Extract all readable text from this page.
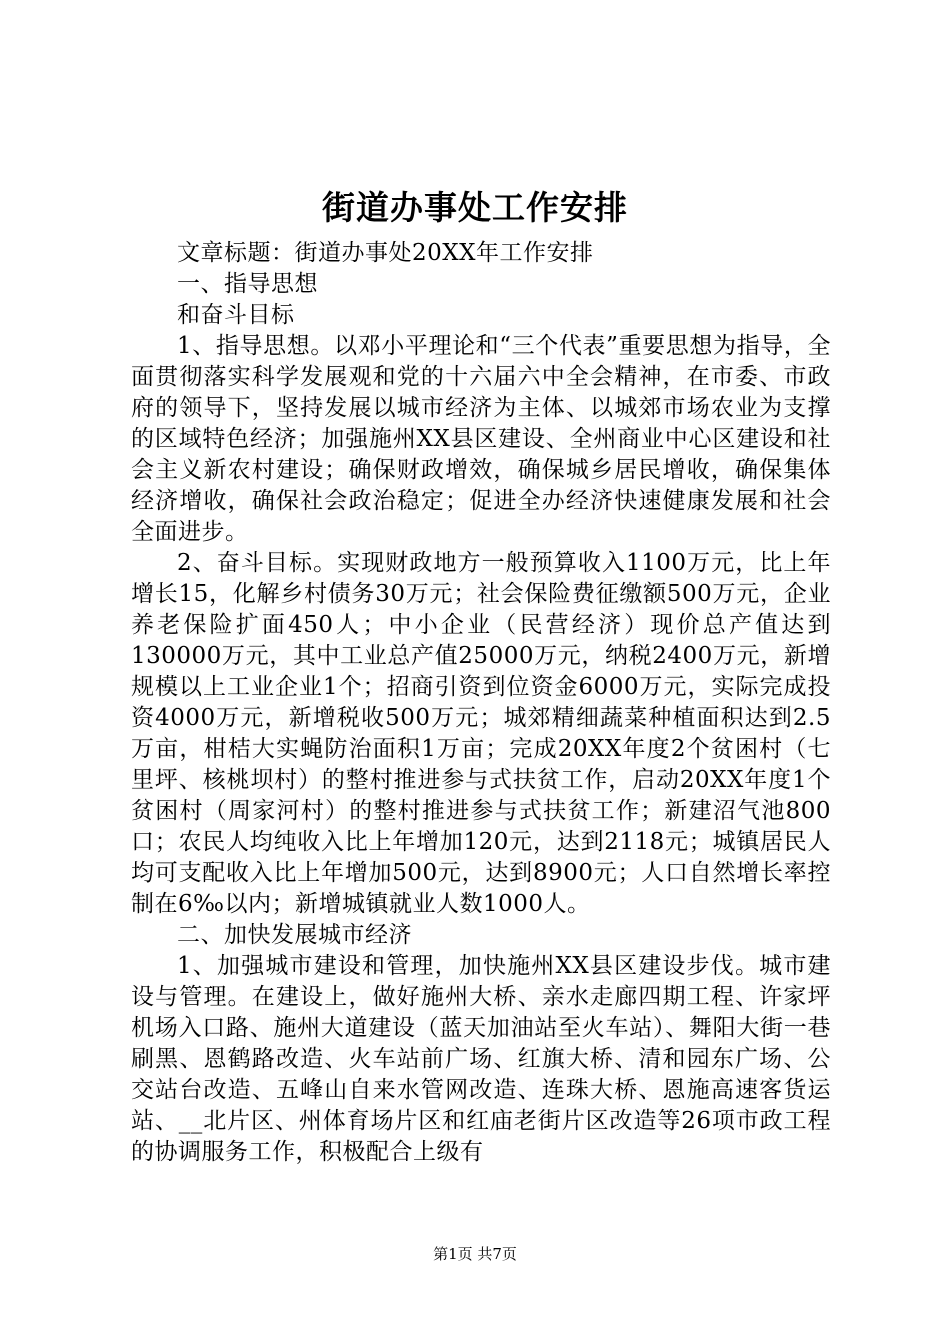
街道办事处工作安排

文章标题：街道办事处20XX年工作安排

一、指导思想

和奋斗目标

1、指导思想。以邓小平理论和“三个代表”重要思想为指导，全面贯彻落实科学发展观和党的十六届六中全会精神，在市委、市政府的领导下，坚持发展以城市经济为主体、以城郊市场农业为支撑的区域特色经济；加强施州XX县区建设、全州商业中心区建设和社会主义新农村建设；确保财政增效，确保城乡居民增收，确保集体经济增收，确保社会政治稳定；促进全办经济快速健康发展和社会全面进步。

2、奋斗目标。实现财政地方一般预算收入1100万元，比上年增长15，化解乡村债务30万元；社会保险费征缴额500万元，企业养老保险扩面450人；中小企业（民营经济）现价总产值达到130000万元，其中工业总产值25000万元，纳税2400万元，新增规模以上工业企业1个；招商引资到位资金6000万元，实际完成投资4000万元，新增税收500万元；城郊精细蔬菜种植面积达到2.5万亩，柑桔大实蝇防治面积1万亩；完成20XX年度2个贫困村（七里坪、核桃坝村）的整村推进参与式扶贫工作，启动20XX年度1个贫困村（周家河村）的整村推进参与式扶贫工作；新建沼气池800口；农民人均纯收入比上年增加120元，达到2118元；城镇居民人均可支配收入比上年增加500元，达到8900元；人口自然增长率控制在6‰以内；新增城镇就业人数1000人。

二、加快发展城市经济

1、加强城市建设和管理，加快施州XX县区建设步伐。城市建设与管理。在建设上，做好施州大桥、亲水走廊四期工程、许家坪机场入口路、施州大道建设（蓝天加油站至火车站）、舞阳大街一巷刷黑、恩鹤路改造、火车站前广场、红旗大桥、清和园东广场、公交站台改造、五峰山自来水管网改造、连珠大桥、恩施高速客货运站、__北片区、州体育场片区和红庙老街片区改造等26项市政工程的协调服务工作，积极配合上级有

第1页 共7页
